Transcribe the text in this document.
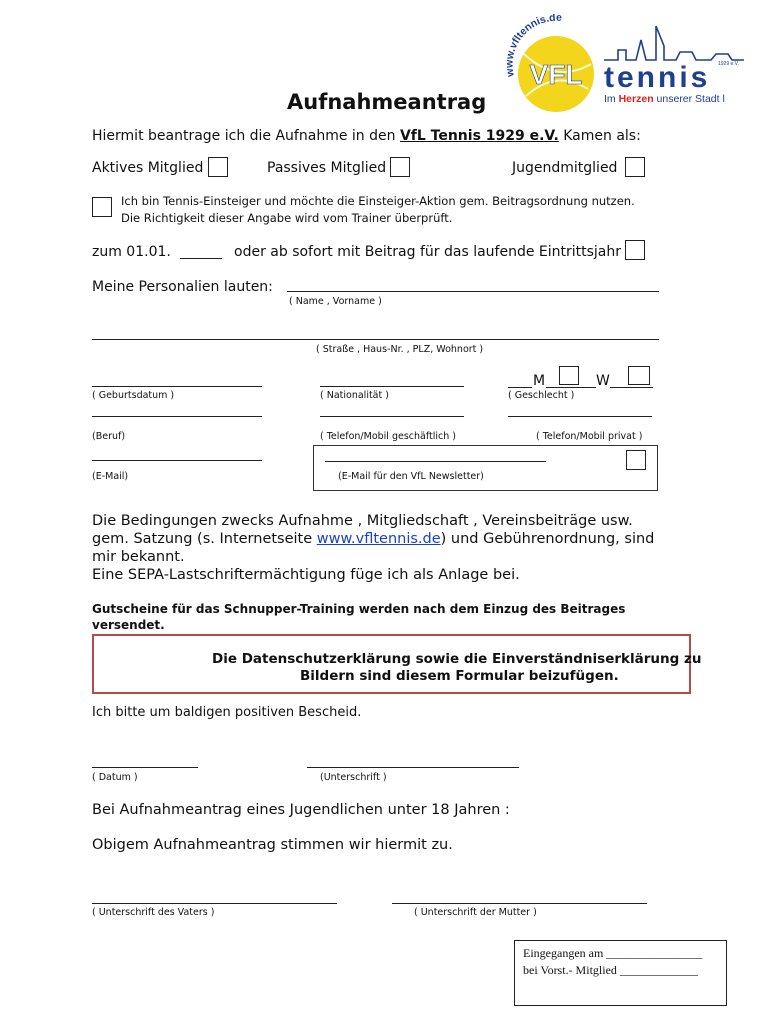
www.vfltennis.de
VFL tennis 1929 e.V.
Im Herzen unserer Stadt l
Aufnahmeantrag
Hiermit beantrage ich die Aufnahme in den VfL Tennis 1929 e.V. Kamen als:
Aktives Mitglied	Passives Mitglied	Jugendmitglied
Ich bin Tennis-Einsteiger und möchte die Einsteiger-Aktion gem. Beitragsordnung nutzen.
Die Richtigkeit dieser Angabe wird vom Trainer überprüft.
zum 01.01.	oder ab sofort mit Beitrag für das laufende Eintrittsjahr
Meine Personalien lauten:
( Name , Vorname )
( Straße , Haus-Nr. , PLZ, Wohnort )
( Geburtsdatum )	( Nationalität )
M	W
( Geschlecht )
(Beruf)	( Telefon/Mobil geschäftlich )	( Telefon/Mobil privat )
(E-Mail)	(E-Mail für den VfL Newsletter)
Die Bedingungen zwecks Aufnahme , Mitgliedschaft , Vereinsbeiträge usw.
gem. Satzung (s. Internetseite www.vfltennis.de) und Gebührenordnung, sind
mir bekannt.
Eine SEPA-Lastschriftermächtigung füge ich als Anlage bei.
Gutscheine für das Schnupper-Training werden nach dem Einzug des Beitrages
versendet.
Die Datenschutzerklärung sowie die Einverständniserklärung zu
Bildern sind diesem Formular beizufügen.
Ich bitte um baldigen positiven Bescheid.
( Datum )	(Unterschrift )
Bei Aufnahmeantrag eines Jugendlichen unter 18 Jahren :
Obigem Aufnahmeantrag stimmen wir hiermit zu.
( Unterschrift des Vaters )	( Unterschrift der Mutter )
Eingegangen am ________________
bei Vorst.- Mitglied _____________
